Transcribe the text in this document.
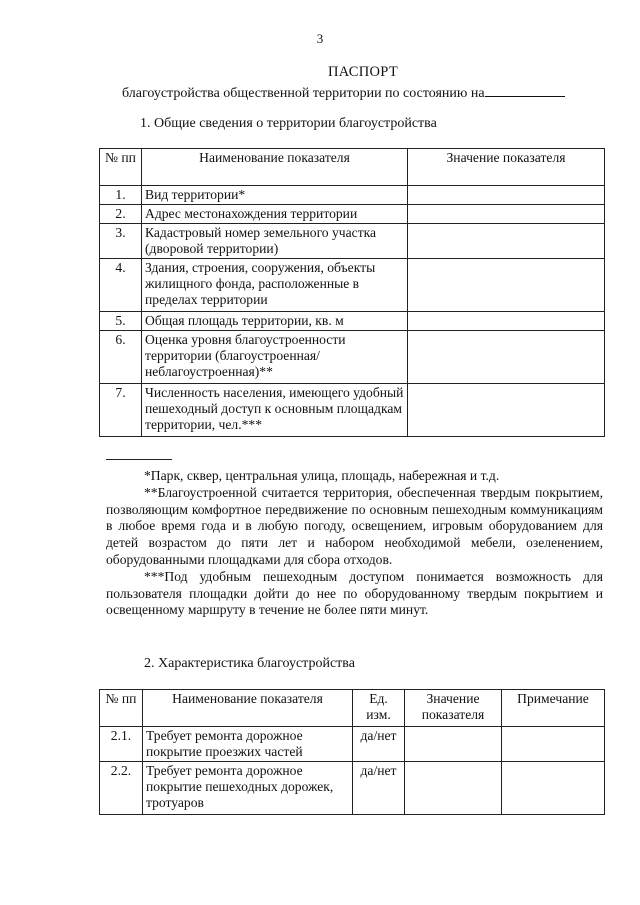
3
ПАСПОРТ
благоустройства общественной территории по состоянию на
1. Общие сведения о территории благоустройства
№ пп	Наименование показателя	Значение показателя
1.	Вид территории*	
2.	Адрес местонахождения территории	
3.	Кадастровый номер земельного участка (дворовой территории)	
4.	Здания, строения, сооружения, объекты жилищного фонда, расположенные в пределах территории	
5.	Общая площадь территории, кв. м	
6.	Оценка уровня благоустроенности территории (благоустроенная/ неблагоустроенная)**	
7.	Численность населения, имеющего удобный пешеходный доступ к основным площадкам территории, чел.***	

*Парк, сквер, центральная улица, площадь, набережная и т.д.

**Благоустроенной считается территория, обеспеченная твердым покрытием, позволяющим комфортное передвижение по основным пешеходным коммуникациям в любое время года и в любую погоду, освещением, игровым оборудованием для детей возрастом до пяти лет и набором необходимой мебели, озеленением, оборудованными площадками для сбора отходов.

***Под удобным пешеходным доступом понимается возможность для пользователя площадки дойти до нее по оборудованному твердым покрытием и освещенному маршруту в течение не более пяти минут.

2. Характеристика благоустройства
№ пп	Наименование показателя	Ед. изм.	Значение показателя	Примечание
2.1.	Требует ремонта дорожное покрытие проезжих частей	да/нет		
2.2.	Требует ремонта дорожное покрытие пешеходных дорожек, тротуаров	да/нет		
